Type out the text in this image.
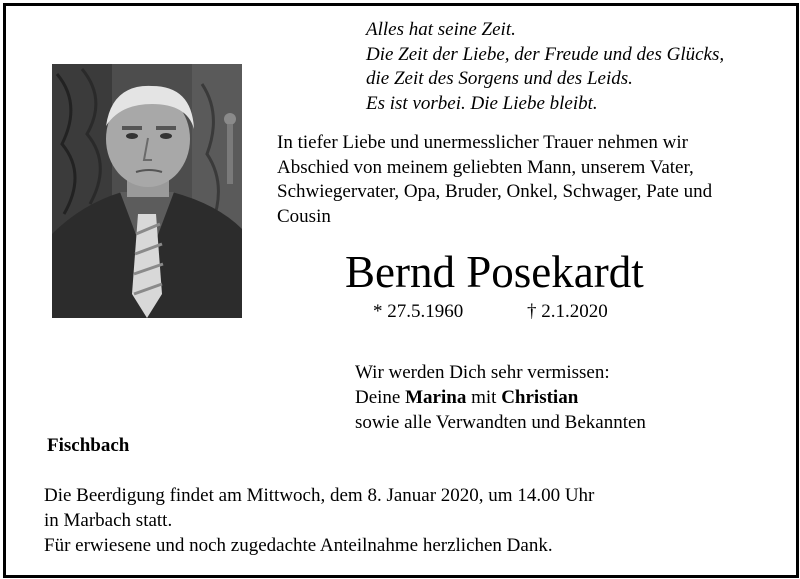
Alles hat seine Zeit.
Die Zeit der Liebe, der Freude und des Glücks,
die Zeit des Sorgens und des Leids.
Es ist vorbei. Die Liebe bleibt.
In tiefer Liebe und unermesslicher Trauer nehmen wir
Abschied von meinem geliebten Mann, unserem Vater,
Schwiegervater, Opa, Bruder, Onkel, Schwager, Pate und
Cousin
Bernd Posekardt
* 27.5.1960	† 2.1.2020
Wir werden Dich sehr vermissen:
Deine Marina mit Christian
sowie alle Verwandten und Bekannten
Fischbach
Die Beerdigung findet am Mittwoch, dem 8. Januar 2020, um 14.00 Uhr
in Marbach statt.
Für erwiesene und noch zugedachte Anteilnahme herzlichen Dank.
